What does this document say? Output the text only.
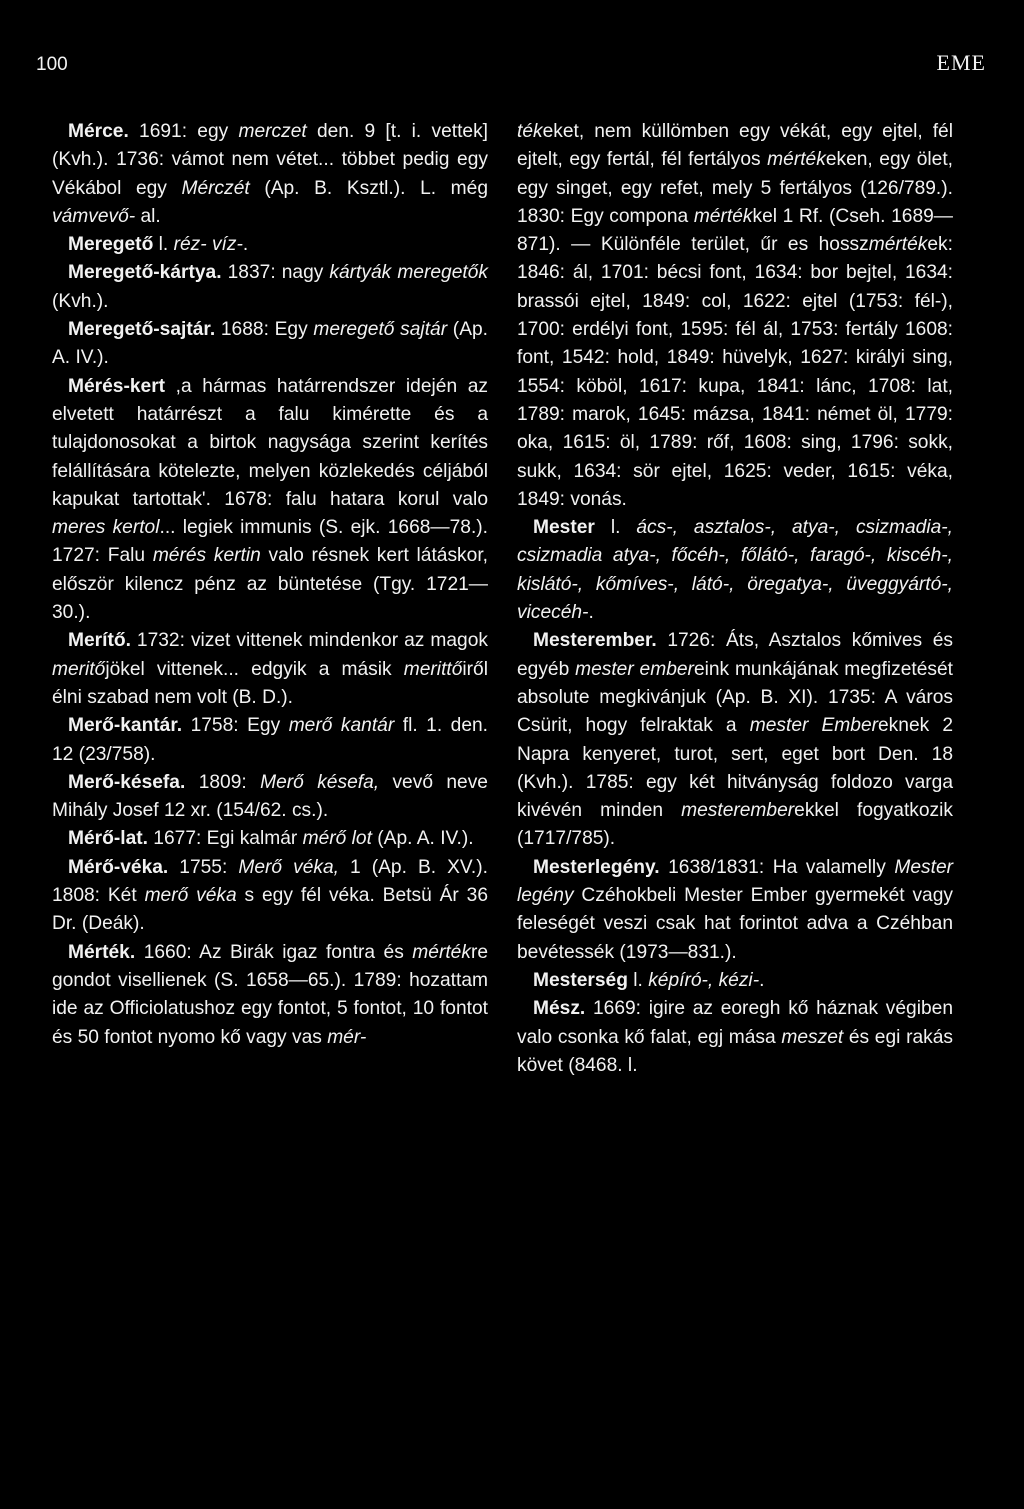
100	EME

Mérce. 1691: egy merczet den. 9 [t. i. vettek] (Kvh.). 1736: vámot nem vétet... többet pedig egy Vékábol egy Mérczét (Ap. B. Ksztl.). L. még vámvevő- al.

Meregető l. réz- víz-.

Meregető-kártya. 1837: nagy kártyák meregetők (Kvh.).

Meregető-sajtár. 1688: Egy meregető sajtár (Ap. A. IV.).

Mérés-kert ,a hármas határrendszer idején az elvetett határrészt a falu kimérette és a tulajdonosokat a birtok nagysága szerint kerítés felállítására kötelezte, melyen közlekedés céljából kapukat tartottak'. 1678: falu hatara korul valo meres kertol... legiek immunis (S. ejk. 1668—78.). 1727: Falu mérés kertin valo résnek kert látáskor, először kilencz pénz az büntetése (Tgy. 1721—30.).

Merítő. 1732: vizet vittenek mindenkor az magok meritőjökel vittenek... edgyik a másik merittőiről élni szabad nem volt (B. D.).

Merő-kantár. 1758: Egy merő kantár fl. 1. den. 12 (23/758).

Merő-késefa. 1809: Merő késefa, vevő neve Mihály Josef 12 xr. (154/62. cs.).

Mérő-lat. 1677: Egi kalmár mérő lot (Ap. A. IV.).

Mérő-véka. 1755: Merő véka, 1 (Ap. B. XV.). 1808: Két merő véka s egy fél véka. Betsü Ár 36 Dr. (Deák).

Mérték. 1660: Az Birák igaz fontra és mértékre gondot visellienek (S. 1658—65.). 1789: hozattam ide az Officiolatushoz egy fontot, 5 fontot, 10 fontot és 50 fontot nyomo kő vagy vas mér-

tékeket, nem küllömben egy vékát, egy ejtel, fél ejtelt, egy fertál, fél fertályos mértékeken, egy ölet, egy singet, egy refet, mely 5 fertályos (126/789.). 1830: Egy compona mértékkel 1 Rf. (Cseh. 1689—871). — Különféle terület, űr es hosszmértékek: 1846: ál, 1701: bécsi font, 1634: bor bejtel, 1634: brassói ejtel, 1849: col, 1622: ejtel (1753: fél-), 1700: erdélyi font, 1595: fél ál, 1753: fertály 1608: font, 1542: hold, 1849: hüvelyk, 1627: királyi sing, 1554: köböl, 1617: kupa, 1841: lánc, 1708: lat, 1789: marok, 1645: mázsa, 1841: német öl, 1779: oka, 1615: öl, 1789: rőf, 1608: sing, 1796: sokk, sukk, 1634: sör ejtel, 1625: veder, 1615: véka, 1849: vonás.

Mester l. ács-, asztalos-, atya-, csizmadia-, csizmadia atya-, főcéh-, főlátó-, faragó-, kiscéh-, kislátó-, kőmíves-, látó-, öregatya-, üveggyártó-, vicecéh-.

Mesterember. 1726: Áts, Asztalos kőmives és egyéb mester embereink munkájának megfizetését absolute megkivánjuk (Ap. B. XI). 1735: A város Csürit, hogy felraktak a mester Embereknek 2 Napra kenyeret, turot, sert, eget bort Den. 18 (Kvh.). 1785: egy két hitványság foldozo varga kivévén minden mesteremberekkel fogyatkozik (1717/785).

Mesterlegény. 1638/1831: Ha valamelly Mester legény Czéhokbeli Mester Ember gyermekét vagy feleségét veszi csak hat forintot adva a Czéhban bevétessék (1973—831.).

Mesterség l. képíró-, kézi-.

Mész. 1669: igire az eoregh kő háznak végiben valo csonka kő falat, egj mása meszet és egi rakás követ (8468. l.
